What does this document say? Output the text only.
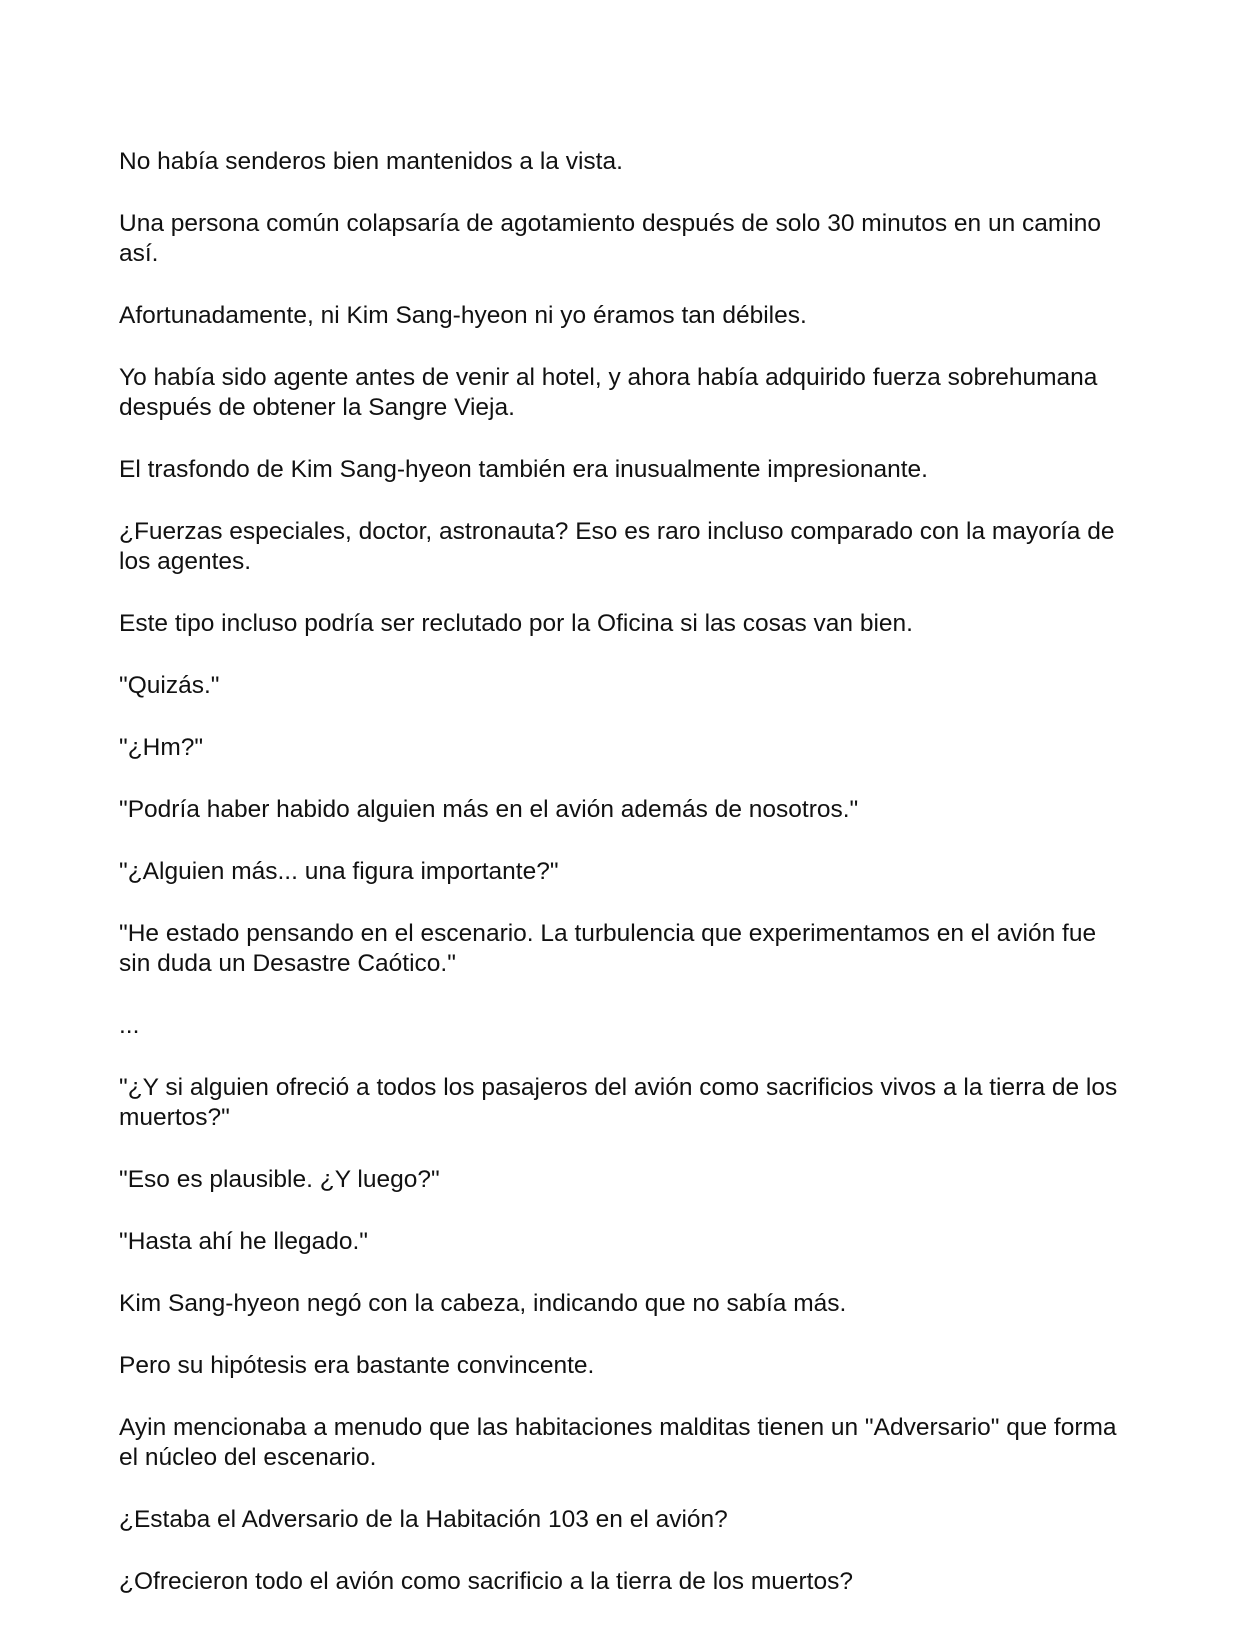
No había senderos bien mantenidos a la vista.

Una persona común colapsaría de agotamiento después de solo 30 minutos en un camino así.

Afortunadamente, ni Kim Sang-hyeon ni yo éramos tan débiles.

Yo había sido agente antes de venir al hotel, y ahora había adquirido fuerza sobrehumana después de obtener la Sangre Vieja.

El trasfondo de Kim Sang-hyeon también era inusualmente impresionante.

¿Fuerzas especiales, doctor, astronauta? Eso es raro incluso comparado con la mayoría de los agentes.

Este tipo incluso podría ser reclutado por la Oficina si las cosas van bien.

"Quizás."

"¿Hm?"

"Podría haber habido alguien más en el avión además de nosotros."

"¿Alguien más... una figura importante?"

"He estado pensando en el escenario. La turbulencia que experimentamos en el avión fue sin duda un Desastre Caótico."

...

"¿Y si alguien ofreció a todos los pasajeros del avión como sacrificios vivos a la tierra de los muertos?"

"Eso es plausible. ¿Y luego?"

"Hasta ahí he llegado."

Kim Sang-hyeon negó con la cabeza, indicando que no sabía más.

Pero su hipótesis era bastante convincente.

Ayin mencionaba a menudo que las habitaciones malditas tienen un "Adversario" que forma el núcleo del escenario.

¿Estaba el Adversario de la Habitación 103 en el avión?

¿Ofrecieron todo el avión como sacrificio a la tierra de los muertos?
